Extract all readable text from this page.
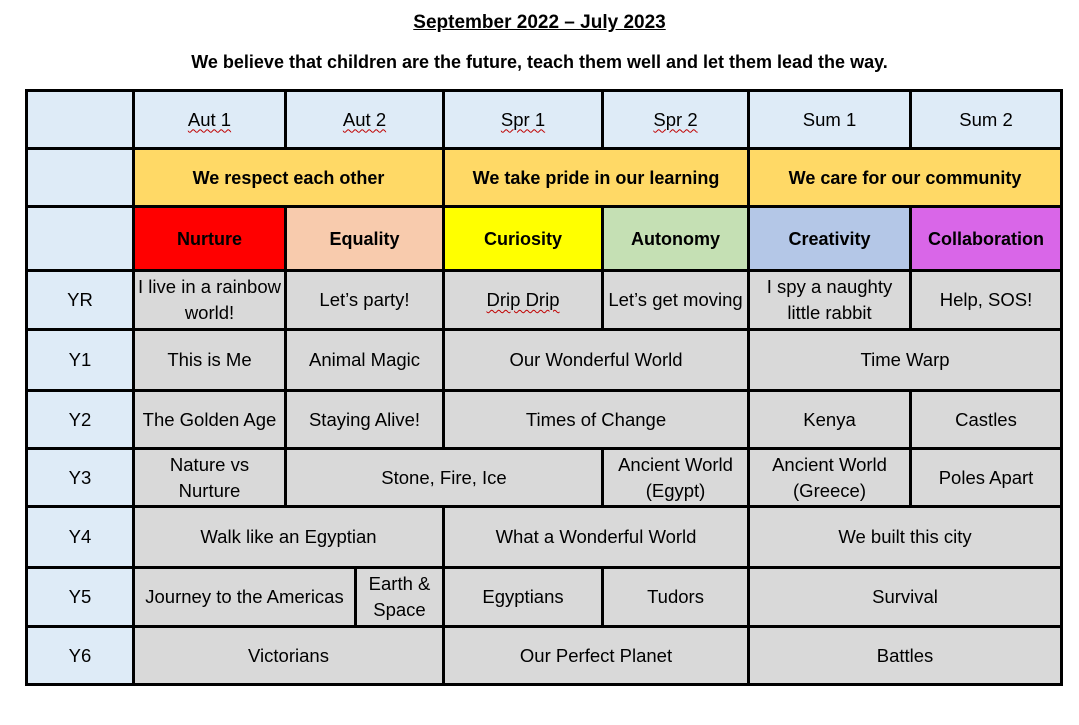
September 2022 – July 2023
We believe that children are the future, teach them well and let them lead the way.
	Aut 1	Aut 2		Spr 1	Spr 2	Sum 1	Sum 2
	We respect each other			We take pride in our learning		We care for our community	
	Nurture	Equality		Curiosity	Autonomy	Creativity	Collaboration
YR	I live in a rainbow world!	Let’s party!		Drip Drip	Let’s get moving	I spy a naughty little rabbit	Help, SOS!
Y1	This is Me	Animal Magic		Our Wonderful World		Time Warp	
Y2	The Golden Age	Staying Alive!		Times of Change		Kenya	Castles
Y3	Nature vs Nurture	Stone, Fire, Ice			Ancient World (Egypt)	Ancient World (Greece)	Poles Apart
Y4	Walk like an Egyptian			What a Wonderful World		We built this city	
Y5	Journey to the Americas		Earth & Space	Egyptians	Tudors	Survival	
Y6	Victorians			Our Perfect Planet		Battles	
